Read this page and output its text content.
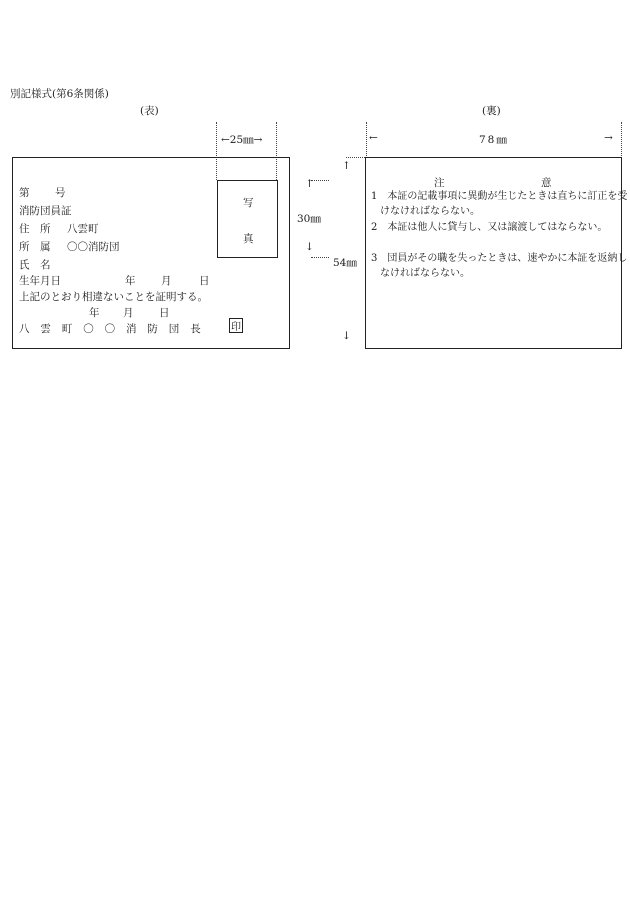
別記様式(第6条関係)
(表)	(裏)
←25㎜→
第 号
消防団員証
住　所 八雲町
所　属 〇〇消防団
氏　名
生年月日	年 月	日
上記のとおり相違ないことを証明する。
年 月 日
八　雲　町　〇　〇　消　防　団　長	印
写
真
↑
30㎜
↓
↑
54㎜
↓
←	78㎜	→
注	意
1　本証の記載事項に異動が生じたときは直ちに訂正を受けなければならない。
2　本証は他人に貸与し、又は譲渡してはならない。
3　団員がその職を失ったときは、速やかに本証を返納しなければならない。
